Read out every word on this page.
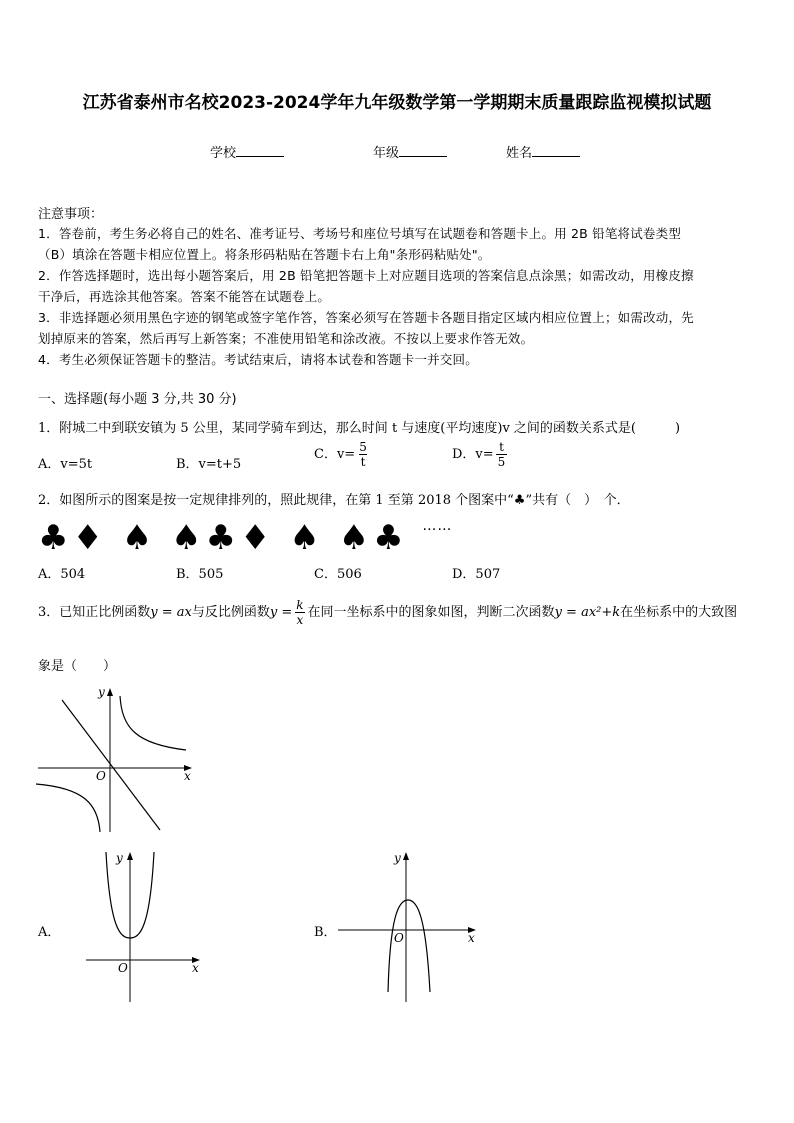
江苏省泰州市名校2023-2024学年九年级数学第一学期期末质量跟踪监视模拟试题
学校	年级	姓名
注意事项：
1．答卷前，考生务必将自己的姓名、准考证号、考场号和座位号填写在试题卷和答题卡上。用 2B 铅笔将试卷类型
（B）填涂在答题卡相应位置上。将条形码粘贴在答题卡右上角"条形码粘贴处"。
2．作答选择题时，选出每小题答案后，用 2B 铅笔把答题卡上对应题目选项的答案信息点涂黑；如需改动，用橡皮擦
干净后，再选涂其他答案。答案不能答在试题卷上。
3．非选择题必须用黑色字迹的钢笔或签字笔作答，答案必须写在答题卡各题目指定区域内相应位置上；如需改动，先
划掉原来的答案，然后再写上新答案；不准使用铅笔和涂改液。不按以上要求作答无效。
4．考生必须保证答题卡的整洁。考试结束后，请将本试卷和答题卡一并交回。
一、选择题(每小题 3 分,共 30 分)
1．附城二中到联安镇为 5 公里，某同学骑车到达，那么时间 t 与速度(平均速度)v 之间的函数关系式是(　　　)
A．v=5t	B．v=t+5
C．$v= \frac{5}{t}$	D．$v= \frac{t}{5}$
2．如图所示的图案是按一定规律排列的，照此规律，在第 1 至第 2018 个图案中“♣”共有（　）　个．
♣♦ ♠ ♠♣♦ ♠ ♠♣ ……
A．504	B．505	C．506	D．507
3．已知正比例函数y = ax与反比例函数$y = \frac{k}{x}$ 在同一坐标系中的图象如图，判断二次函数y = ax²+k在坐标系中的大致图
象是（　　）
y
x
O
A．
y
x
O
B．
y
x
O
